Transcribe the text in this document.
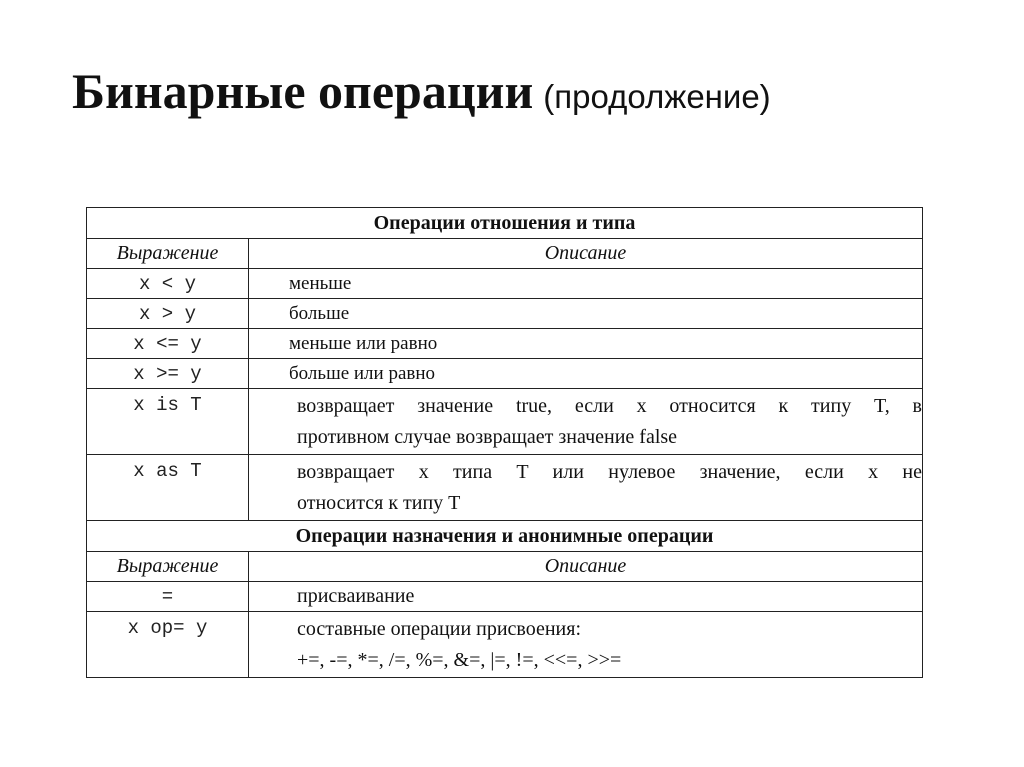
Бинарные операции (продолжение)
Операции отношения и типа	
Выражение	Описание
x < y	меньше
x > y	больше
x <= y	меньше или равно
x >= y	больше или равно
x is T	возвращает значение true, если x относится к типу T, в
противном случае возвращает значение false

x as T	возвращает x типа T или нулевое значение, если x не
относится к типу T

Операции назначения и анонимные операции	
Выражение	Описание
=	присваивание
x op= y	составные операции присвоения:
+=, -=, *=, /=, %=, &=, |=, !=, <<=, >>=
